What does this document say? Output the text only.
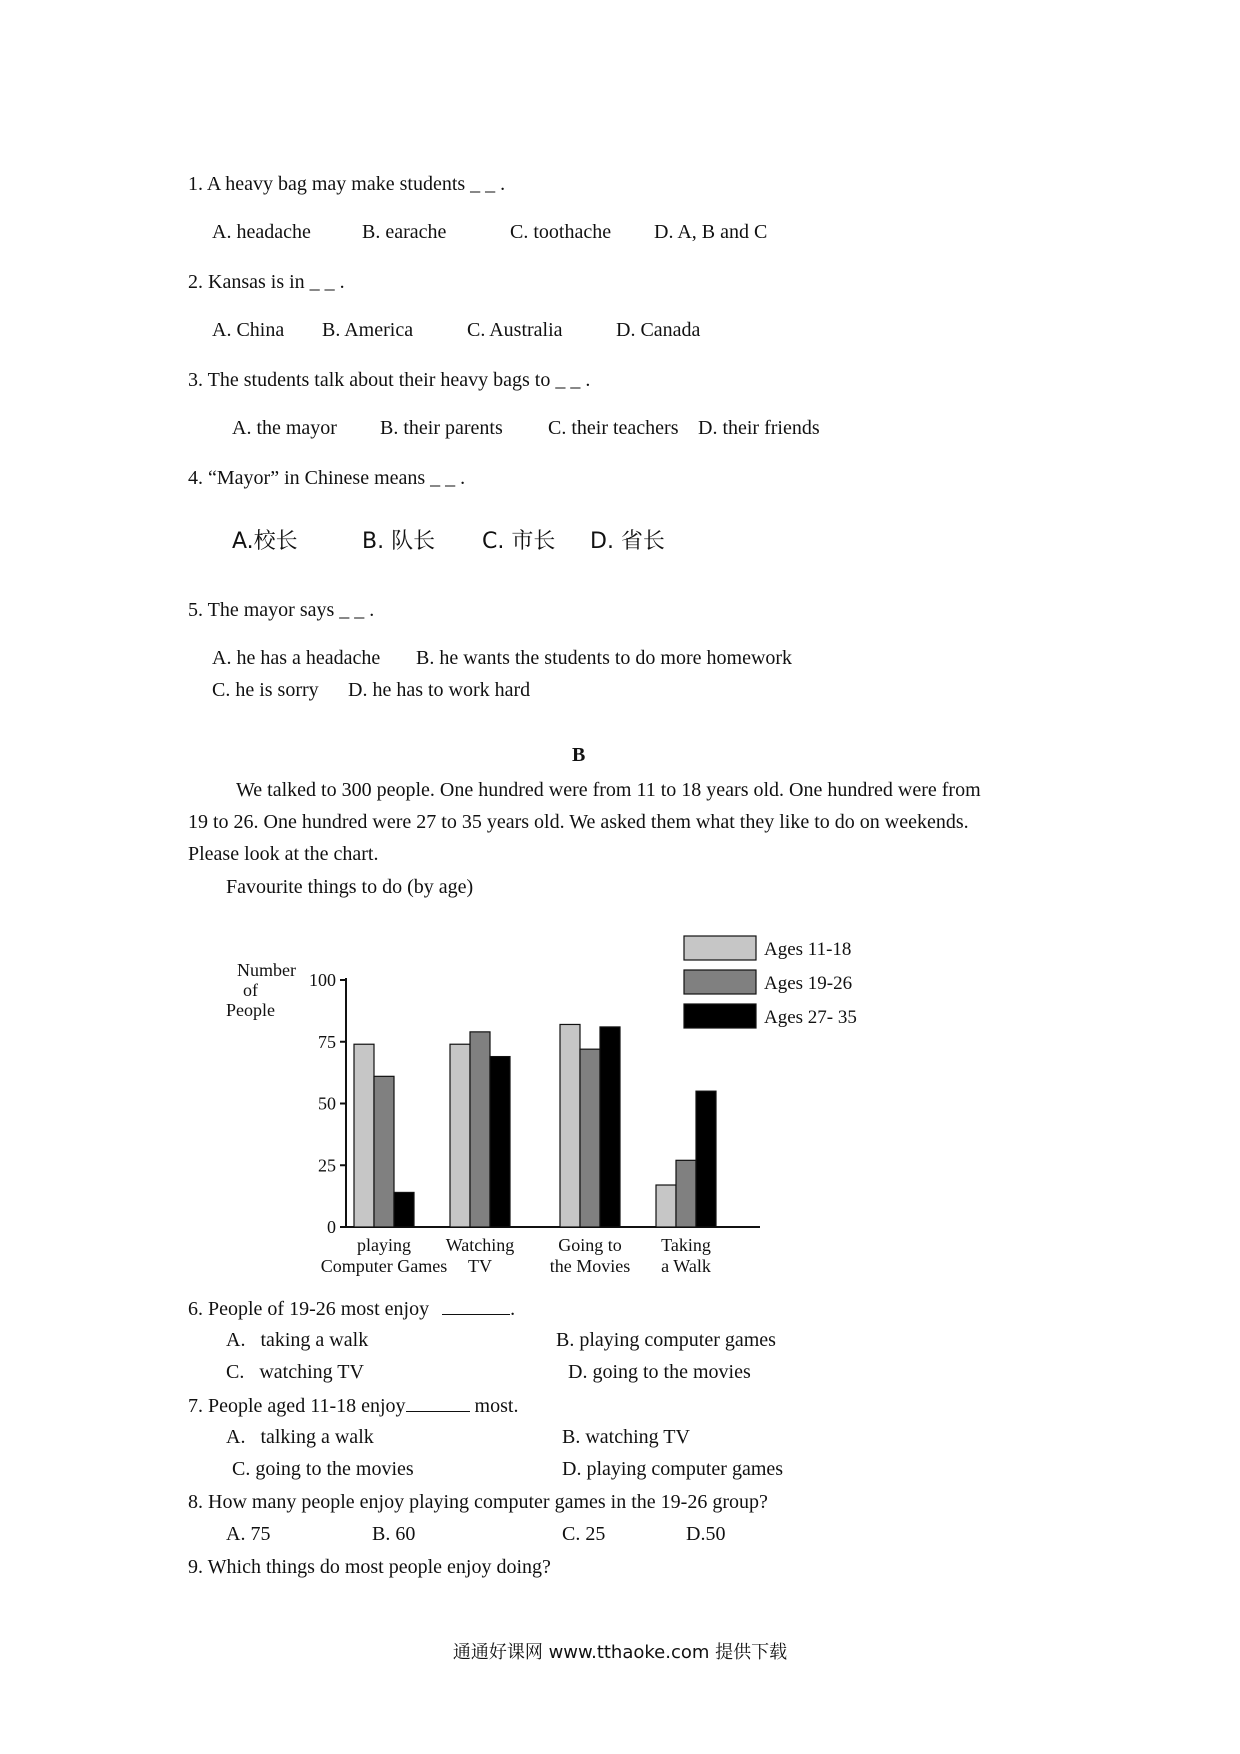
1. A heavy bag may make students _ _ .
A. headache	B. earache	C. toothache D. A, B and C
2. Kansas is in _ _ .
A. China B. America	C. Australia	D. Canada
3. The students talk about their heavy bags to _ _ .
A. the mayor B. their parents C. their teachers D. their friends
4. “Mayor” in Chinese means _ _ .
A.校长	B. 队长 C. 市长 D. 省长
5. The mayor says _ _ .
A. he has a headache B. he wants the students to do more homework
C. he is sorry D. he has to work hard
B
We talked to 300 people. One hundred were from 11 to 18 years old. One hundred were from
19 to 26. One hundred were 27 to 35 years old. We asked them what they like to do on weekends.
Please look at the chart.
Favourite things to do (by age)
Number
of
People
0
25
50
75
100
playing
Computer Games
Watching
TV
Going to
the Movies
Taking
a Walk
Ages 11-18
Ages 19-26
Ages 27- 35
6. People of 19-26 most enjoy	.
A.   taking a walk	B. playing computer games
C.   watching TV	D. going to the movies
7. People aged 11-18 enjoy	most.
A.   talking a walk	B. watching TV
C. going to the movies	D. playing computer games
8. How many people enjoy playing computer games in the 19-26 group?
A. 75	B. 60	C. 25	D.50
9. Which things do most people enjoy doing?
通通好课网 www.tthaoke.com 提供下载
